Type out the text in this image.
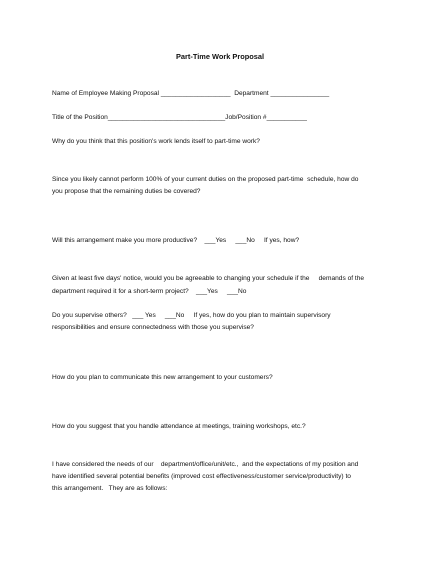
Part-Time Work Proposal
Name of Employee Making Proposal ___________________  Department ________________
Title of the Position________________________________Job/Position #___________
Why do you think that this position's work lends itself to part-time work?
Since you likely cannot perform 100% of your current duties on the proposed part-time  schedule, how do
you propose that the remaining duties be covered?
Will this arrangement make you more productive?    ___Yes     ___No     If yes, how?
Given at least five days' notice, would you be agreeable to changing your schedule if the     demands of the
department required it for a short-term project?    ___Yes     ___No
Do you supervise others?   ___ Yes     ___No     If yes, how do you plan to maintain supervisory
responsibilities and ensure connectedness with those you supervise?
How do you plan to communicate this new arrangement to your customers?
How do you suggest that you handle attendance at meetings, training workshops, etc.?
I have considered the needs of our    department/office/unit/etc.,  and the expectations of my position and
have identified several potential benefits (improved cost effectiveness/customer service/productivity) to
this arrangement.   They are as follows:
